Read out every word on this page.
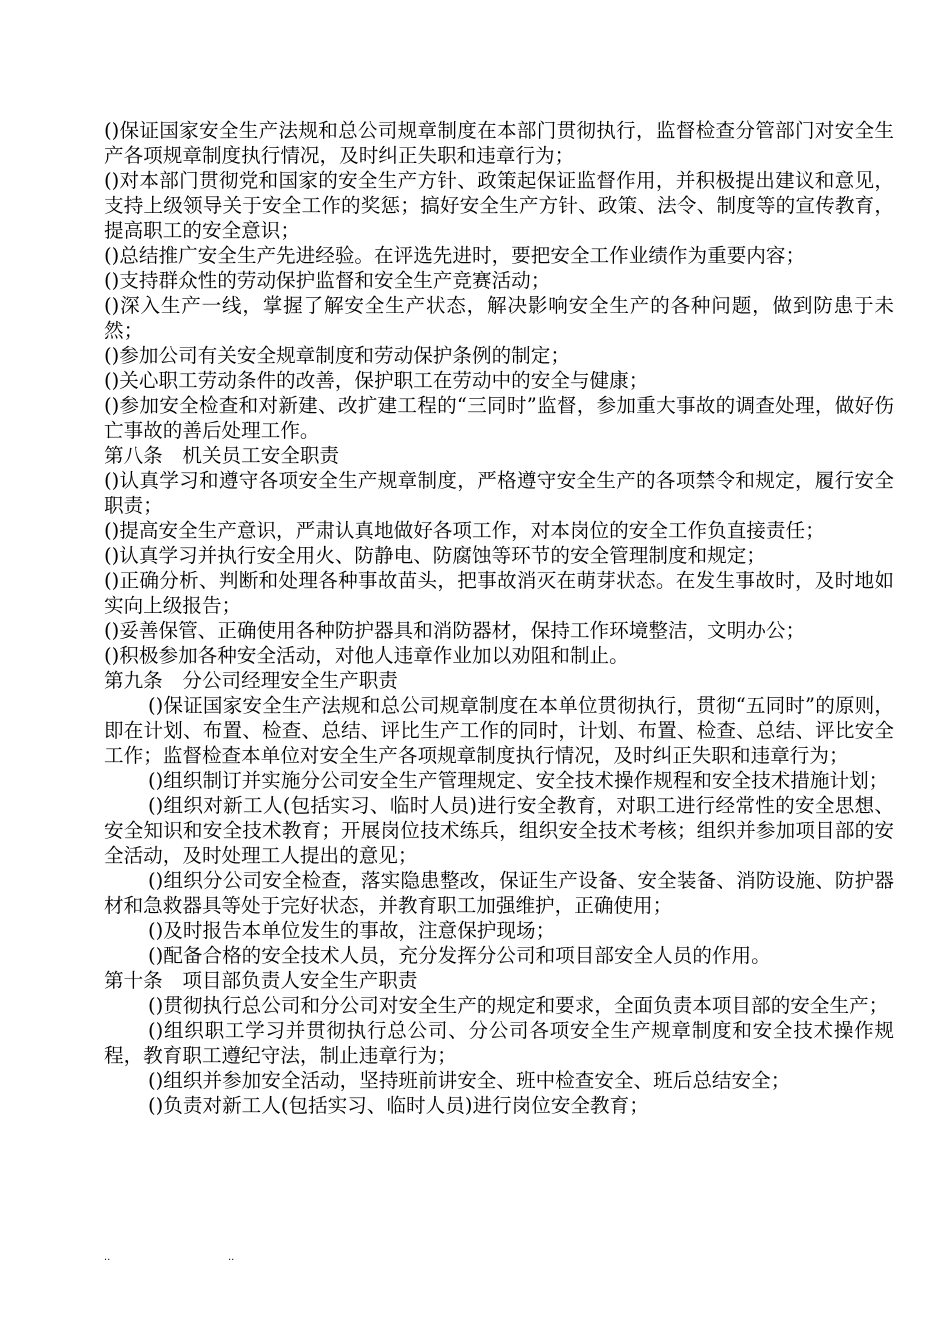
()保证国家安全生产法规和总公司规章制度在本部门贯彻执行，监督检查分管部门对安全生产各项规章制度执行情况，及时纠正失职和违章行为；
()对本部门贯彻党和国家的安全生产方针、政策起保证监督作用，并积极提出建议和意见，支持上级领导关于安全工作的奖惩；搞好安全生产方针、政策、法令、制度等的宣传教育，提高职工的安全意识；
()总结推广安全生产先进经验。在评选先进时，要把安全工作业绩作为重要内容；
()支持群众性的劳动保护监督和安全生产竞赛活动；
()深入生产一线，掌握了解安全生产状态，解决影响安全生产的各种问题，做到防患于未然；
()参加公司有关安全规章制度和劳动保护条例的制定；
()关心职工劳动条件的改善，保护职工在劳动中的安全与健康；
()参加安全检查和对新建、改扩建工程的“三同时”监督，参加重大事故的调查处理，做好伤亡事故的善后处理工作。
第八条　机关员工安全职责
()认真学习和遵守各项安全生产规章制度，严格遵守安全生产的各项禁令和规定，履行安全职责；
()提高安全生产意识，严肃认真地做好各项工作，对本岗位的安全工作负直接责任；
()认真学习并执行安全用火、防静电、防腐蚀等环节的安全管理制度和规定；
()正确分析、判断和处理各种事故苗头，把事故消灭在萌芽状态。在发生事故时，及时地如实向上级报告；
()妥善保管、正确使用各种防护器具和消防器材，保持工作环境整洁，文明办公；
()积极参加各种安全活动，对他人违章作业加以劝阻和制止。
第九条　分公司经理安全生产职责
()保证国家安全生产法规和总公司规章制度在本单位贯彻执行，贯彻“五同时”的原则，即在计划、布置、检查、总结、评比生产工作的同时，计划、布置、检查、总结、评比安全工作；监督检查本单位对安全生产各项规章制度执行情况，及时纠正失职和违章行为；
()组织制订并实施分公司安全生产管理规定、安全技术操作规程和安全技术措施计划；
()组织对新工人(包括实习、临时人员)进行安全教育，对职工进行经常性的安全思想、安全知识和安全技术教育；开展岗位技术练兵，组织安全技术考核；组织并参加项目部的安全活动，及时处理工人提出的意见；
()组织分公司安全检查，落实隐患整改，保证生产设备、安全装备、消防设施、防护器材和急救器具等处于完好状态，并教育职工加强维护，正确使用；
()及时报告本单位发生的事故，注意保护现场；
()配备合格的安全技术人员，充分发挥分公司和项目部安全人员的作用。
第十条　项目部负责人安全生产职责
()贯彻执行总公司和分公司对安全生产的规定和要求，全面负责本项目部的安全生产；
()组织职工学习并贯彻执行总公司、分公司各项安全生产规章制度和安全技术操作规程，教育职工遵纪守法，制止违章行为；
()组织并参加安全活动，坚持班前讲安全、班中检查安全、班后总结安全；
()负责对新工人(包括实习、临时人员)进行岗位安全教育；
..	..
